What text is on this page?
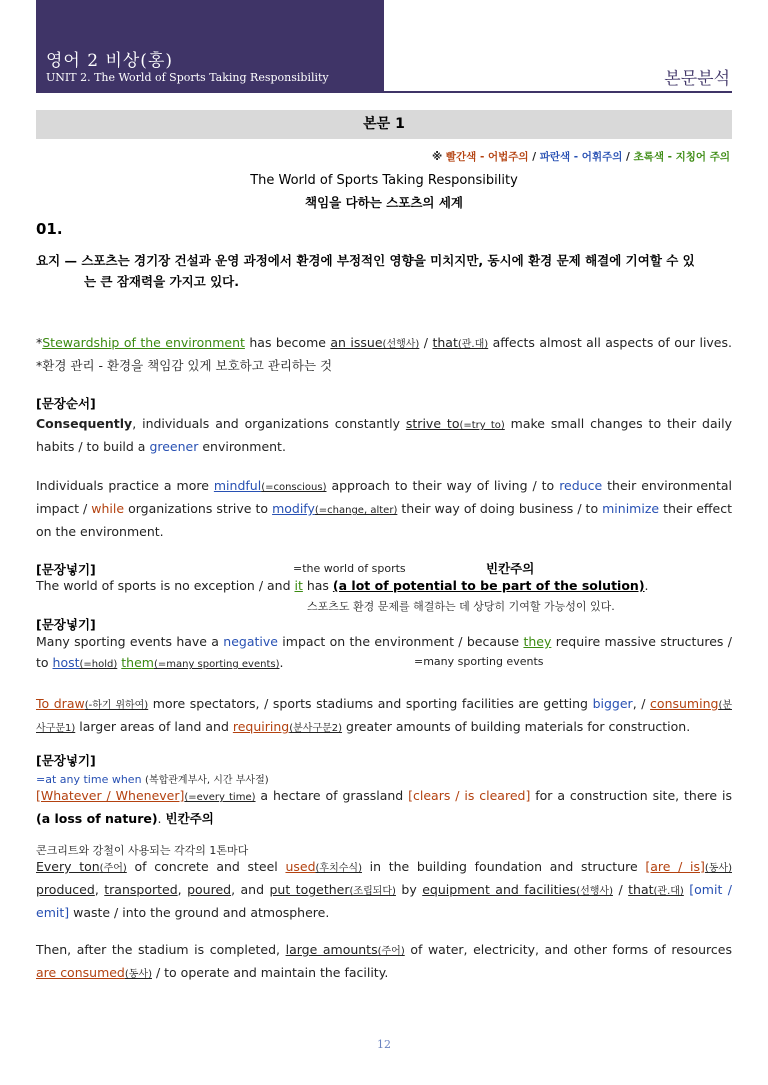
영어 2 비상(홍)
UNIT 2. The World of Sports Taking Responsibility	본문분석
본문 1
※ 빨간색 - 어법주의 / 파란색 - 어휘주의 / 초록색 - 지칭어 주의
The World of Sports Taking Responsibility
책임을 다하는 스포츠의 세계
01.
요지 — 스포츠는 경기장 건설과 운영 과정에서 환경에 부정적인 영향을 미치지만, 동시에 환경 문제 해결에 기여할 수 있
는 큰 잠재력을 가지고 있다.
*Stewardship of the environment has become an issue(선행사) / that(관.대) affects almost all aspects of our lives. *환경 관리 - 환경을 책임감 있게 보호하고 관리하는 것
[문장순서]
Consequently, individuals and organizations constantly strive to(=try to) make small changes to their daily habits / to build a greener environment.
Individuals practice a more mindful(=conscious) approach to their way of living / to reduce their environmental impact / while organizations strive to modify(=change, alter) their way of doing business / to minimize their effect on the environment.
[문장넣기]	=the world of sports	빈칸주의
The world of sports is no exception / and it has (a lot of potential to be part of the solution).
스포츠도 환경 문제를 해결하는 데 상당히 기여할 가능성이 있다.
[문장넣기]
Many sporting events have a negative impact on the environment / because they require massive structures / to host(=hold) them(=many sporting events).	=many sporting events
To draw(-하기 위하여) more spectators, / sports stadiums and sporting facilities are getting bigger, / consuming(분사구문1) larger areas of land and requiring(분사구문2) greater amounts of building materials for construction.
[문장넣기]
=at any time when (복합관계부사, 시간 부사절)
[Whatever / Whenever](=every time) a hectare of grassland [clears / is cleared] for a construction site, there is (a loss of nature). 빈칸주의
콘크리트와 강철이 사용되는 각각의 1톤마다
Every ton(주어) of concrete and steel used(후치수식) in the building foundation and structure [are / is](동사) produced, transported, poured, and put together(조립되다) by equipment and facilities(선행사) / that(관.대) [omit / emit] waste / into the ground and atmosphere.
Then, after the stadium is completed, large amounts(주어) of water, electricity, and other forms of resources are consumed(동사) / to operate and maintain the facility.
12
